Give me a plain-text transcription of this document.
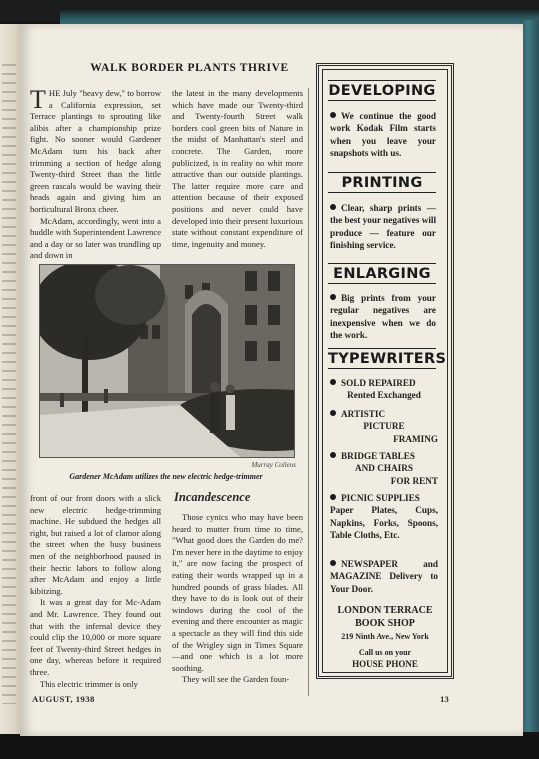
WALK BORDER PLANTS THRIVE

THE July "heavy dew," to borrow a California expression, set Terrace plantings to sprouting like alibis after a championship prize fight. No sooner would Gardener McAdam turn his back after trimming a section of hedge along Twenty-third Street than the little green rascals would be waving their heads again and giving him an horticultural Bronx cheer.

McAdam, accordingly, went into a huddle with Superintendent Lawrence and a day or so later was trundling up and down in

the latest in the many developments which have made our Twenty-third and Twenty-fourth Street walk borders cool green bits of Nature in the midst of Manhattan's steel and concrete. The Garden, more publicized, is in reality no whit more attractive than our outside plantings. The latter require more care and attention because of their exposed positions and never could have developed into their present luxurious state without constant expenditure of time, ingenuity and money.

Murray Collens
Gardener McAdam utilizes the new electric hedge-trimmer

front of our front doors with a slick new electric hedge-trimming machine. He subdued the hedges all right, but raised a lot of clamor along the street when the busy business men of the neighborhood paused in their hectic labors to follow along after McAdam and enjoy a little kibitzing.

It was a great day for Mc-Adam and Mr. Lawrence. They found out that with the infernal device they could clip the 10,000 or more square feet of Twenty-third Street hedges in one day, whereas before it required three.

This electric trimmer is only

Incandescence

Those cynics who may have been heard to mutter from time to time, "What good does the Garden do me? I'm never here in the daytime to enjoy it," are now facing the prospect of eating their words wrapped up in a hundred pounds of grass blades. All they have to do is look out of their windows during the cool of the evening and there encounter as magic a spectacle as they will find this side of the Wrigley sign in Times Square—and one which is a lot more soothing.

They will see the Garden foun-

DEVELOPING
We continue the good work Kodak Film starts when you leave your snapshots with us.
PRINTING
Clear, sharp prints —the best your negatives will produce — feature our finishing service.
ENLARGING
Big prints from your regular negatives are inexpensive when we do the work.
TYPEWRITERS
SOLD REPAIRED
Rented Exchanged
ARTISTIC
PICTURE
FRAMING
BRIDGE TABLES
AND CHAIRS
FOR RENT
PICNIC SUPPLIES
Paper Plates, Cups, Napkins, Forks, Spoons, Table Cloths, Etc.
NEWSPAPER and MAGAZINE Delivery to Your Door.
LONDON TERRACE
BOOK SHOP
219 Ninth Ave., New York
Call us on your
HOUSE PHONE
AUGUST, 1938	13
